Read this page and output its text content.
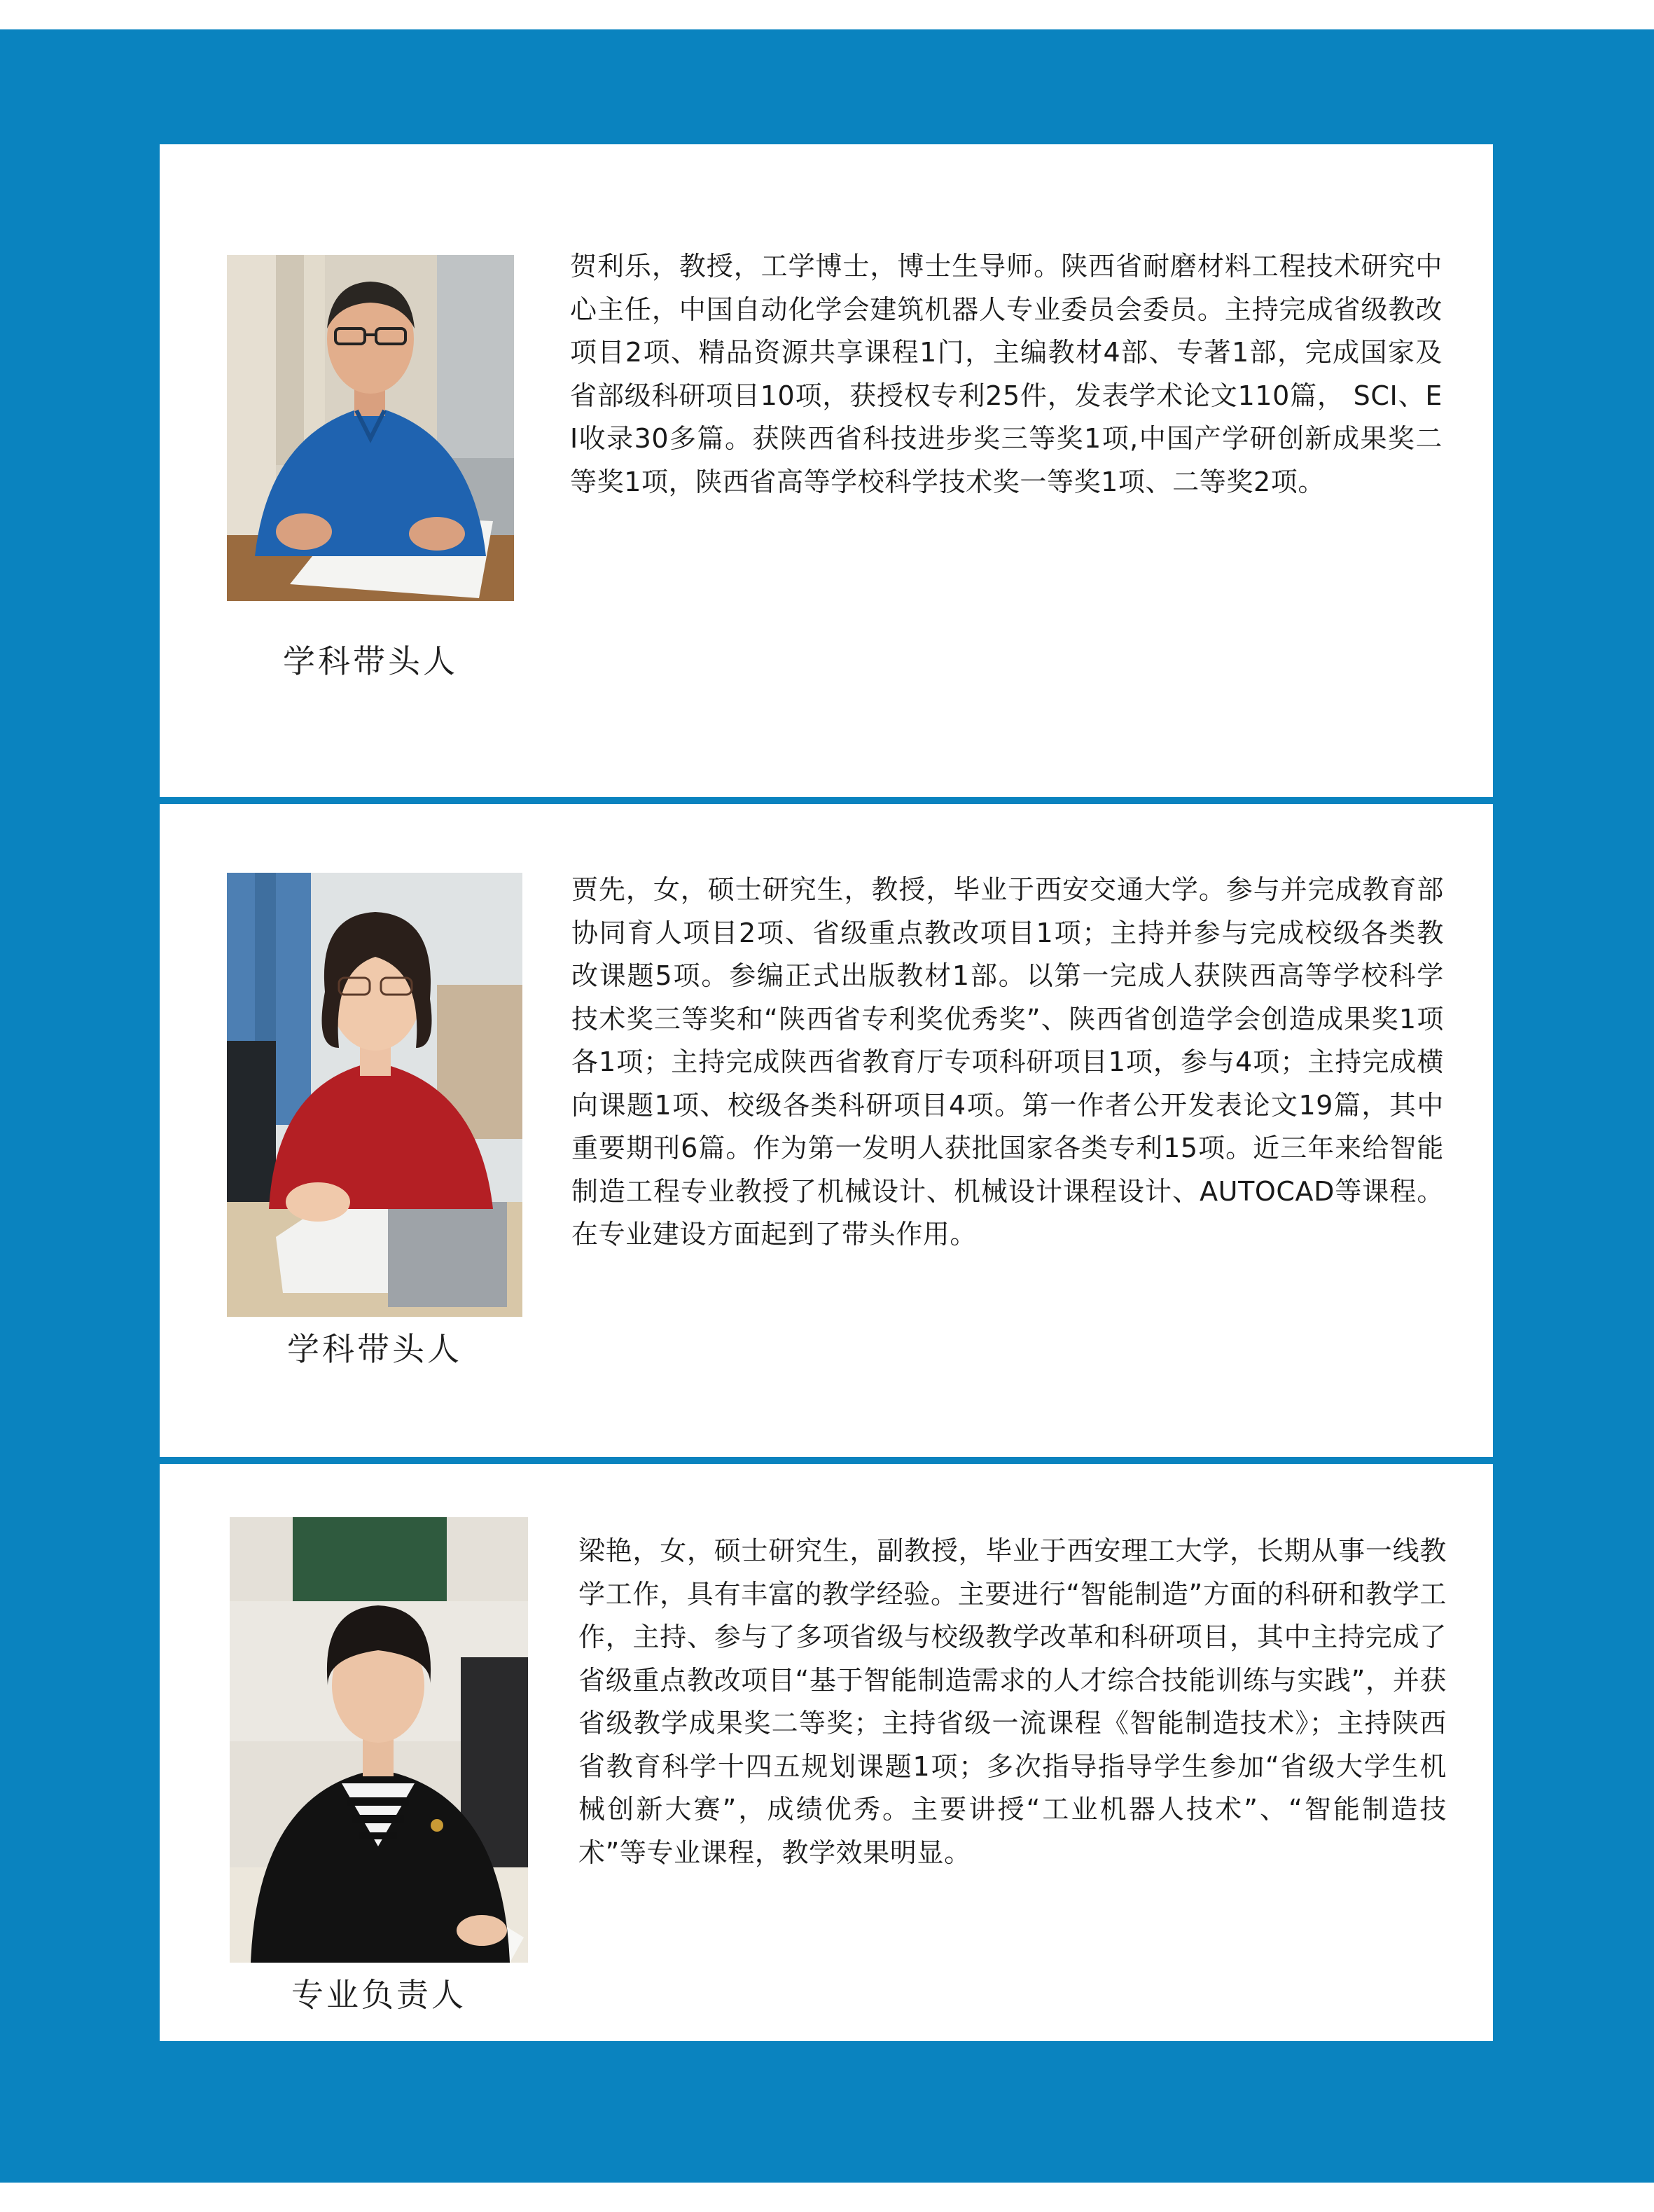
学科带头人

贺利乐，教授，工学博士，博士生导师。陕西省耐磨材料工程技术研究中心主任，中国自动化学会建筑机器人专业委员会委员。主持完成省级教改项目2项、精品资源共享课程1门，主编教材4部、专著1部，完成国家及省部级科研项目10项，获授权专利25件，发表学术论文110篇， SCI、EI收录30多篇。获陕西省科技进步奖三等奖1项,中国产学研创新成果奖二等奖1项，陕西省高等学校科学技术奖一等奖1项、二等奖2项。

学科带头人

贾先，女，硕士研究生，教授，毕业于西安交通大学。参与并完成教育部协同育人项目2项、省级重点教改项目1项；主持并参与完成校级各类教改课题5项。参编正式出版教材1部。以第一完成人获陕西高等学校科学技术奖三等奖和“陕西省专利奖优秀奖”、陕西省创造学会创造成果奖1项各1项；主持完成陕西省教育厅专项科研项目1项，参与4项；主持完成横向课题1项、校级各类科研项目4项。第一作者公开发表论文19篇，其中重要期刊6篇。作为第一发明人获批国家各类专利15项。近三年来给智能制造工程专业教授了机械设计、机械设计课程设计、AUTOCAD等课程。在专业建设方面起到了带头作用。

专业负责人

梁艳，女，硕士研究生，副教授，毕业于西安理工大学，长期从事一线教学工作，具有丰富的教学经验。主要进行“智能制造”方面的科研和教学工作，主持、参与了多项省级与校级教学改革和科研项目，其中主持完成了省级重点教改项目“基于智能制造需求的人才综合技能训练与实践”，并获省级教学成果奖二等奖；主持省级一流课程《智能制造技术》；主持陕西省教育科学十四五规划课题1项；多次指导指导学生参加“省级大学生机械创新大赛”，成绩优秀。主要讲授“工业机器人技术”、“智能制造技术”等专业课程，教学效果明显。
